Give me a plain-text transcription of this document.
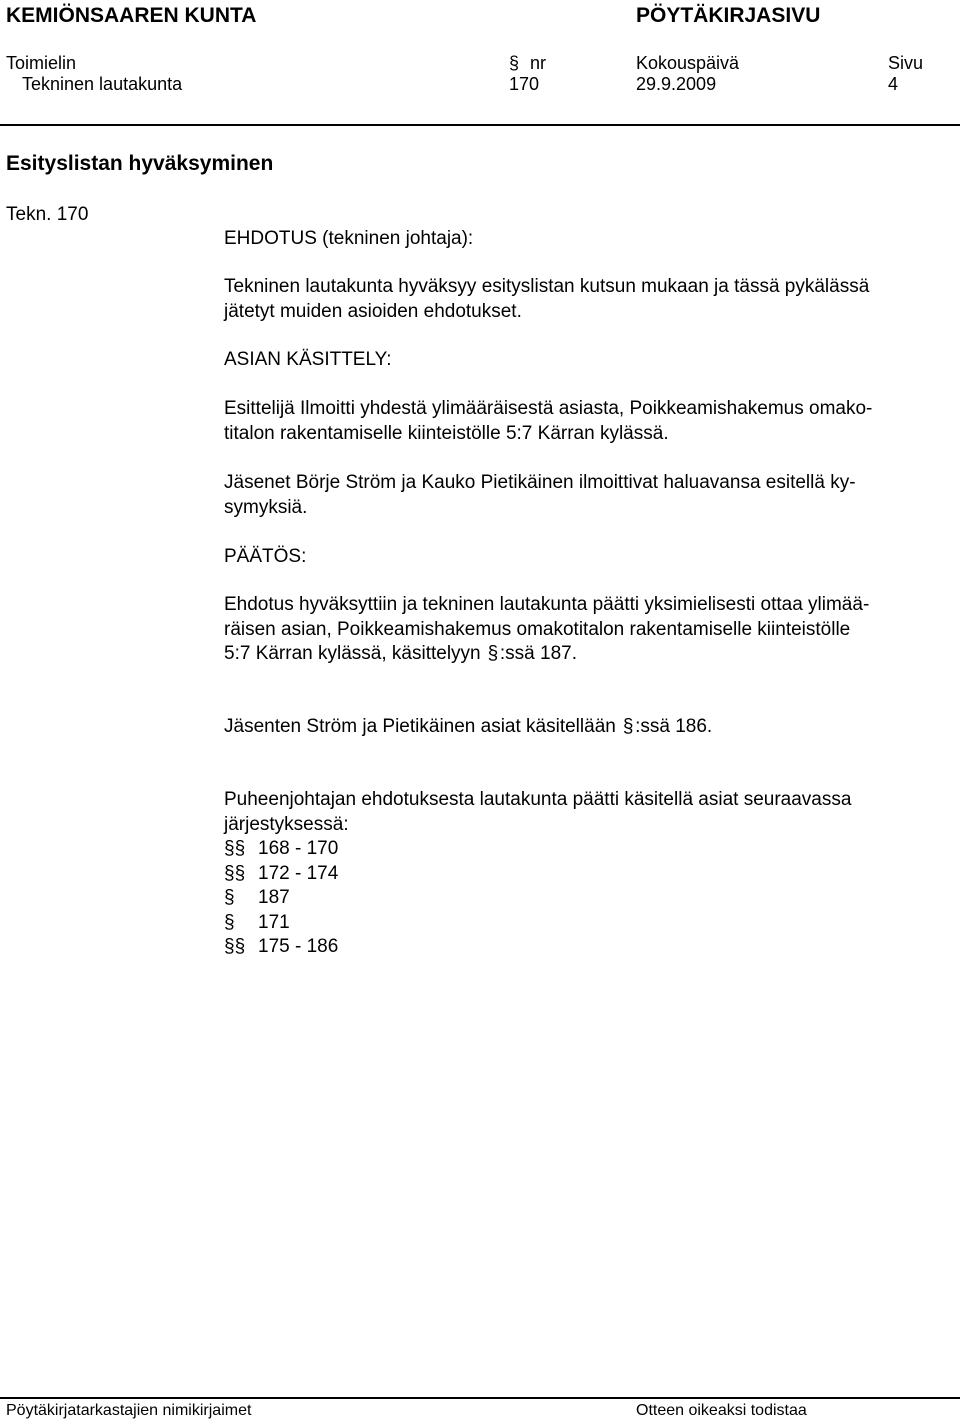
KEMIÖNSAAREN KUNTA	PÖYTÄKIRJASIVU
Toimielin	§ nr	Kokouspäivä	Sivu
Tekninen lautakunta	170	29.9.2009	4
Esityslistan hyväksyminen
Tekn. 170
EHDOTUS (tekninen johtaja):
Tekninen lautakunta hyväksyy esityslistan kutsun mukaan ja tässä pykälässä
jätetyt muiden asioiden ehdotukset.
ASIAN KÄSITTELY:
Esittelijä Ilmoitti yhdestä ylimääräisestä asiasta, Poikkeamishakemus omako-
titalon rakentamiselle kiinteistölle 5:7 Kärran kylässä.
Jäsenet Börje Ström ja Kauko Pietikäinen ilmoittivat haluavansa esitellä ky-
symyksiä.
PÄÄTÖS:
Ehdotus hyväksyttiin ja tekninen lautakunta päätti yksimielisesti ottaa ylimää-
räisen asian, Poikkeamishakemus omakotitalon rakentamiselle kiinteistölle
5:7 Kärran kylässä, käsittelyyn §:ssä 187.
Jäsenten Ström ja Pietikäinen asiat käsitellään §:ssä 186.
Puheenjohtajan ehdotuksesta lautakunta päätti käsitellä asiat seuraavassa
järjestyksessä:
§§ 168 - 170
§§ 172 - 174
§ 187
§ 171
§§ 175 - 186
Pöytäkirjatarkastajien nimikirjaimet	Otteen oikeaksi todistaa
